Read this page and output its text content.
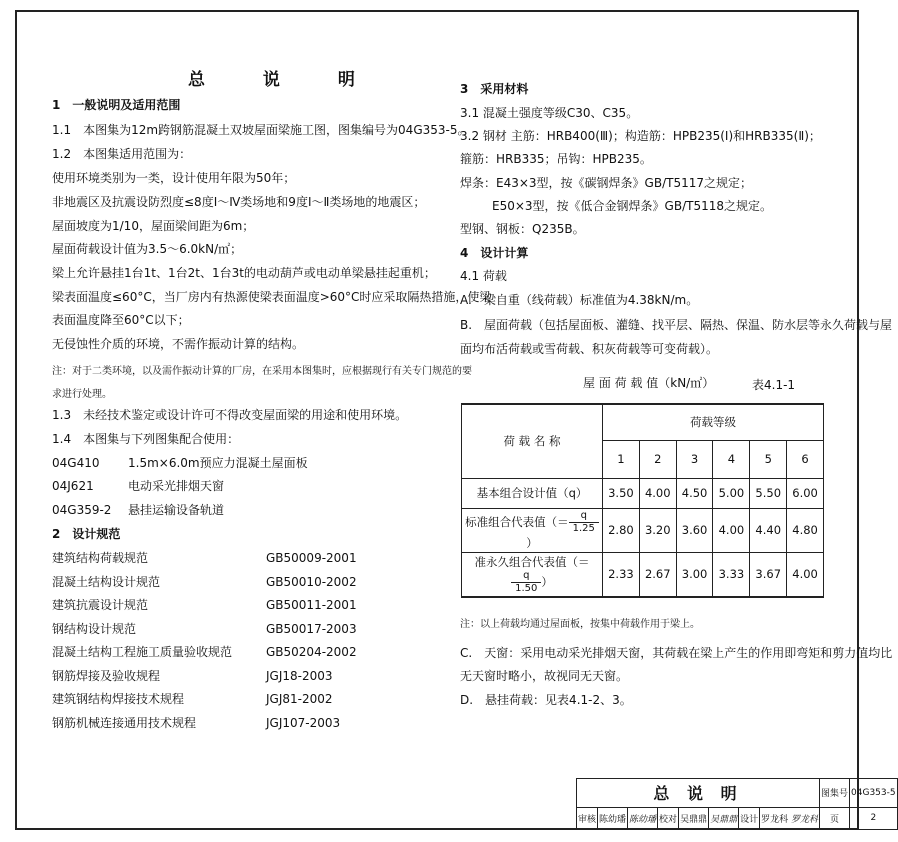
总 说 明
1　一般说明及适用范围
1.1　本图集为12m跨钢筋混凝土双坡屋面梁施工图，图集编号为04G353-5。
1.2　本图集适用范围为：
使用环境类别为一类，设计使用年限为50年；
非地震区及抗震设防烈度≤8度Ⅰ～Ⅳ类场地和9度Ⅰ～Ⅱ类场地的地震区；
屋面坡度为1/10，屋面梁间距为6m；
屋面荷载设计值为3.5～6.0kN/㎡；
梁上允许悬挂1台1t、1台2t、1台3t的电动葫芦或电动单梁悬挂起重机；
梁表面温度≤60°C，当厂房内有热源使梁表面温度>60°C时应采取隔热措施，使梁
表面温度降至60°C以下；
无侵蚀性介质的环境，不需作振动计算的结构。
注：对于二类环境，以及需作振动计算的厂房，在采用本图集时，应根据现行有关专门规范的要
求进行处理。
1.3　未经技术鉴定或设计许可不得改变屋面梁的用途和使用环境。
1.4　本图集与下列图集配合使用：
04G410 1.5m×6.0m预应力混凝土屋面板
04J621	电动采光排烟天窗
04G359-2 悬挂运输设备轨道
2　设计规范
建筑结构荷载规范	GB50009-2001
混凝土结构设计规范	GB50010-2002
建筑抗震设计规范	GB50011-2001
钢结构设计规范	GB50017-2003
混凝土结构工程施工质量验收规范	GB50204-2002
钢筋焊接及验收规程	JGJ18-2003
建筑钢结构焊接技术规程	JGJ81-2002
钢筋机械连接通用技术规程	JGJ107-2003
3　采用材料
3.1 混凝土强度等级C30、C35。
3.2 钢材 主筋：HRB400(Ⅲ)；构造筋：HPB235(Ⅰ)和HRB335(Ⅱ)；
箍筋：HRB335；吊钩：HPB235。
焊条：E43×3型，按《碳钢焊条》GB/T5117之规定；
E50×3型，按《低合金钢焊条》GB/T5118之规定。
型钢、钢板：Q235B。
4　设计计算
4.1 荷载
A.　梁自重（线荷载）标准值为4.38kN/m。
B.　屋面荷载（包括屋面板、灌缝、找平层、隔热、保温、防水层等永久荷载与屋
面均布活荷载或雪荷载、积灰荷载等可变荷载）。
屋 面 荷 载 值（kN/㎡）	表4.1-1
荷 载 名 称	荷载等级					
	1	2	3	4	5	6
基本组合设计值（q）	3.50	4.00	4.50	5.00	5.50	6.00
标准组合代表值（＝ $\frac{q}{1.25}$
）	2.80	3.20	3.60	4.00	4.40	4.80
准永久组合代表值（＝
$\frac{q}{1.50}$ ）	2.33	2.67	3.00	3.33	3.67	4.00
注：以上荷载均通过屋面板，按集中荷载作用于梁上。
C.　天窗：采用电动采光排烟天窗，其荷载在梁上产生的作用即弯矩和剪力值均比
无天窗时略小，故视同无天窗。
D.　悬挂荷载：见表4.1-2、3。
总 说 明								图集号	04G353-5
审核	陈幼璠	陈幼璠	校对	吴鼎鼎	吴鼎鼎	设计	罗龙科 罗龙科	页	2
